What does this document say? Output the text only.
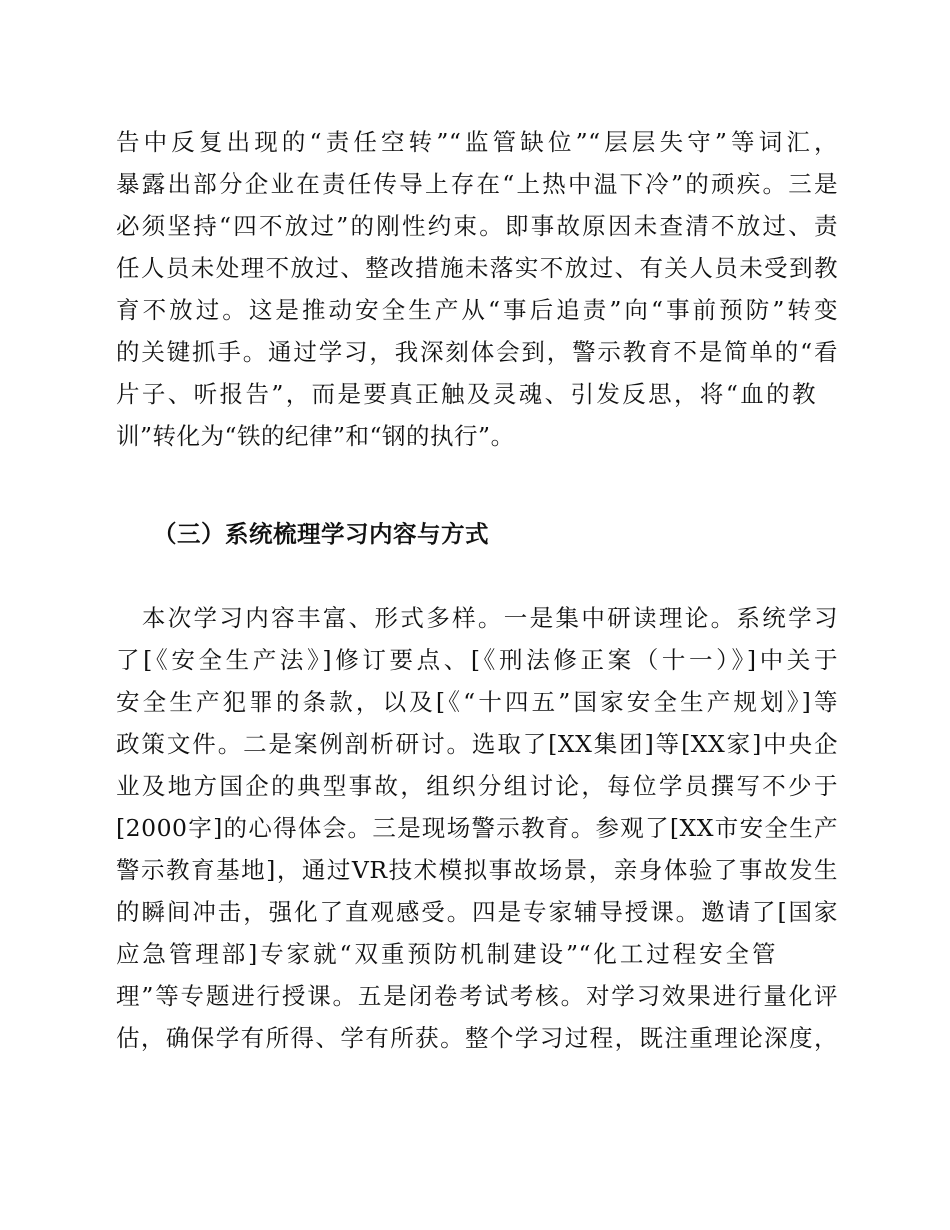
告中反复出现的“责任空转”“监管缺位”“层层失守”等词汇，
暴露出部分企业在责任传导上存在“上热中温下冷”的顽疾。三是
必须坚持“四不放过”的刚性约束。即事故原因未查清不放过、责
任人员未处理不放过、整改措施未落实不放过、有关人员未受到教
育不放过。这是推动安全生产从“事后追责”向“事前预防”转变
的关键抓手。通过学习，我深刻体会到，警示教育不是简单的“看
片子、听报告”，而是要真正触及灵魂、引发反思，将“血的教
训”转化为“铁的纪律”和“钢的执行”。
（三）系统梳理学习内容与方式
　本次学习内容丰富、形式多样。一是集中研读理论。系统学习
了[《安全生产法》]修订要点、[《刑法修正案（十一）》]中关于
安全生产犯罪的条款，以及[《“十四五”国家安全生产规划》]等
政策文件。二是案例剖析研讨。选取了[XX集团]等[XX家]中央企
业及地方国企的典型事故，组织分组讨论，每位学员撰写不少于
[2000字]的心得体会。三是现场警示教育。参观了[XX市安全生产
警示教育基地]，通过VR技术模拟事故场景，亲身体验了事故发生
的瞬间冲击，强化了直观感受。四是专家辅导授课。邀请了[国家
应急管理部]专家就“双重预防机制建设”“化工过程安全管
理”等专题进行授课。五是闭卷考试考核。对学习效果进行量化评
估，确保学有所得、学有所获。整个学习过程，既注重理论深度，
